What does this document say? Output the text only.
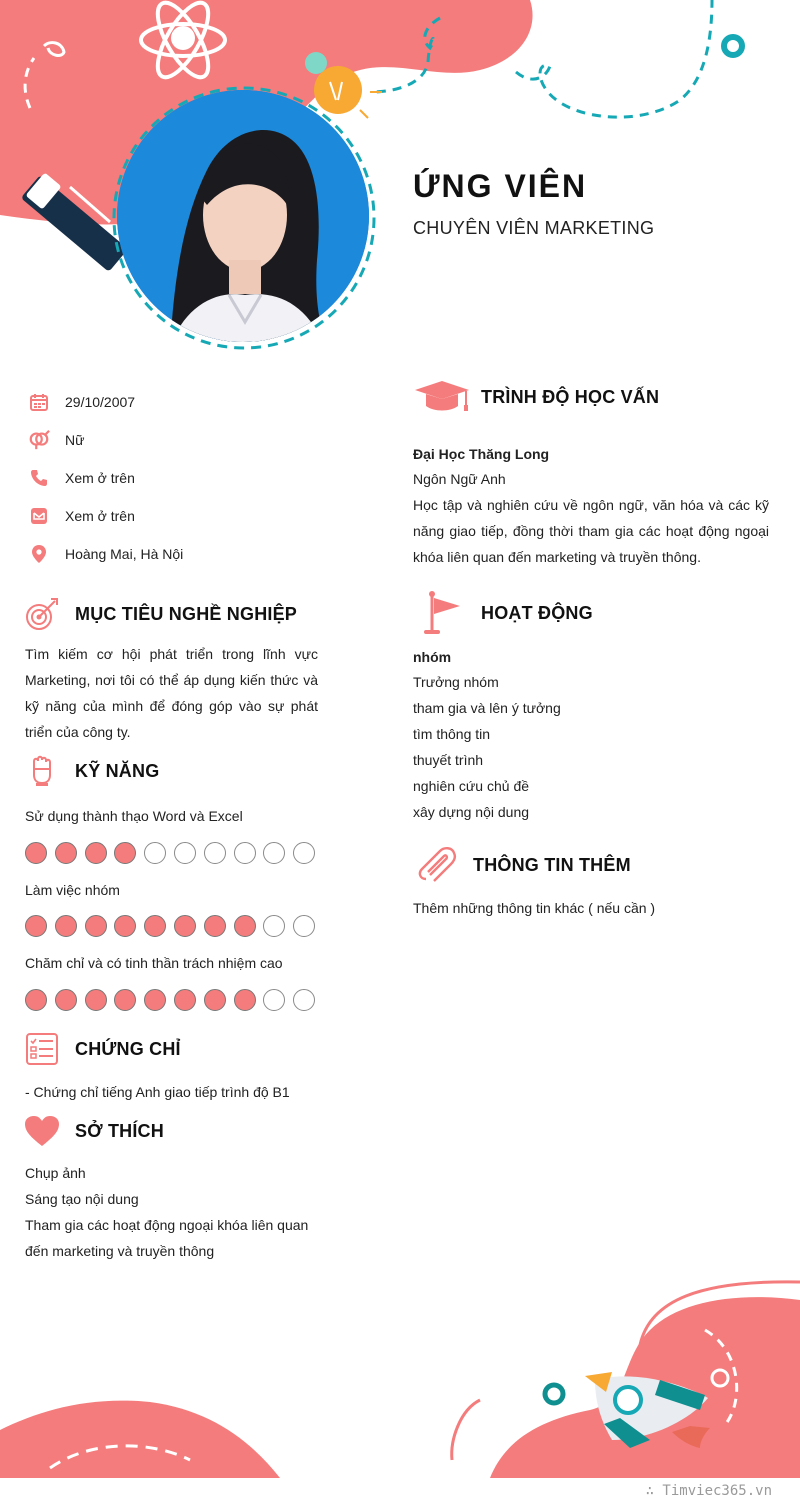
ỨNG VIÊN
CHUYÊN VIÊN MARKETING
29/10/2007
Nữ
Xem ở trên
Xem ở trên
Hoàng Mai, Hà Nội
MỤC TIÊU NGHỀ NGHIỆP
Tìm kiếm cơ hội phát triển trong lĩnh vực Marketing, nơi tôi có thể áp dụng kiến thức và kỹ năng của mình để đóng góp vào sự phát triển của công ty.
KỸ NĂNG
Sử dụng thành thạo Word và Excel
Làm việc nhóm
Chăm chỉ và có tinh thần trách nhiệm cao
CHỨNG CHỈ
- Chứng chỉ tiếng Anh giao tiếp trình độ B1
SỞ THÍCH
Chụp ảnh
Sáng tạo nội dung
Tham gia các hoạt động ngoại khóa liên quan
đến marketing và truyền thông
TRÌNH ĐỘ HỌC VẤN
Đại Học Thăng Long
Ngôn Ngữ Anh
Học tập và nghiên cứu về ngôn ngữ, văn hóa và các kỹ năng giao tiếp, đồng thời tham gia các hoạt động ngoại khóa liên quan đến marketing và truyền thông.
HOẠT ĐỘNG
nhóm
Trưởng nhóm
tham gia và lên ý tưởng
tìm thông tin
thuyết trình
nghiên cứu chủ đề
xây dựng nội dung
THÔNG TIN THÊM
Thêm những thông tin khác ( nếu cần )
∴ Timviec365.vn
